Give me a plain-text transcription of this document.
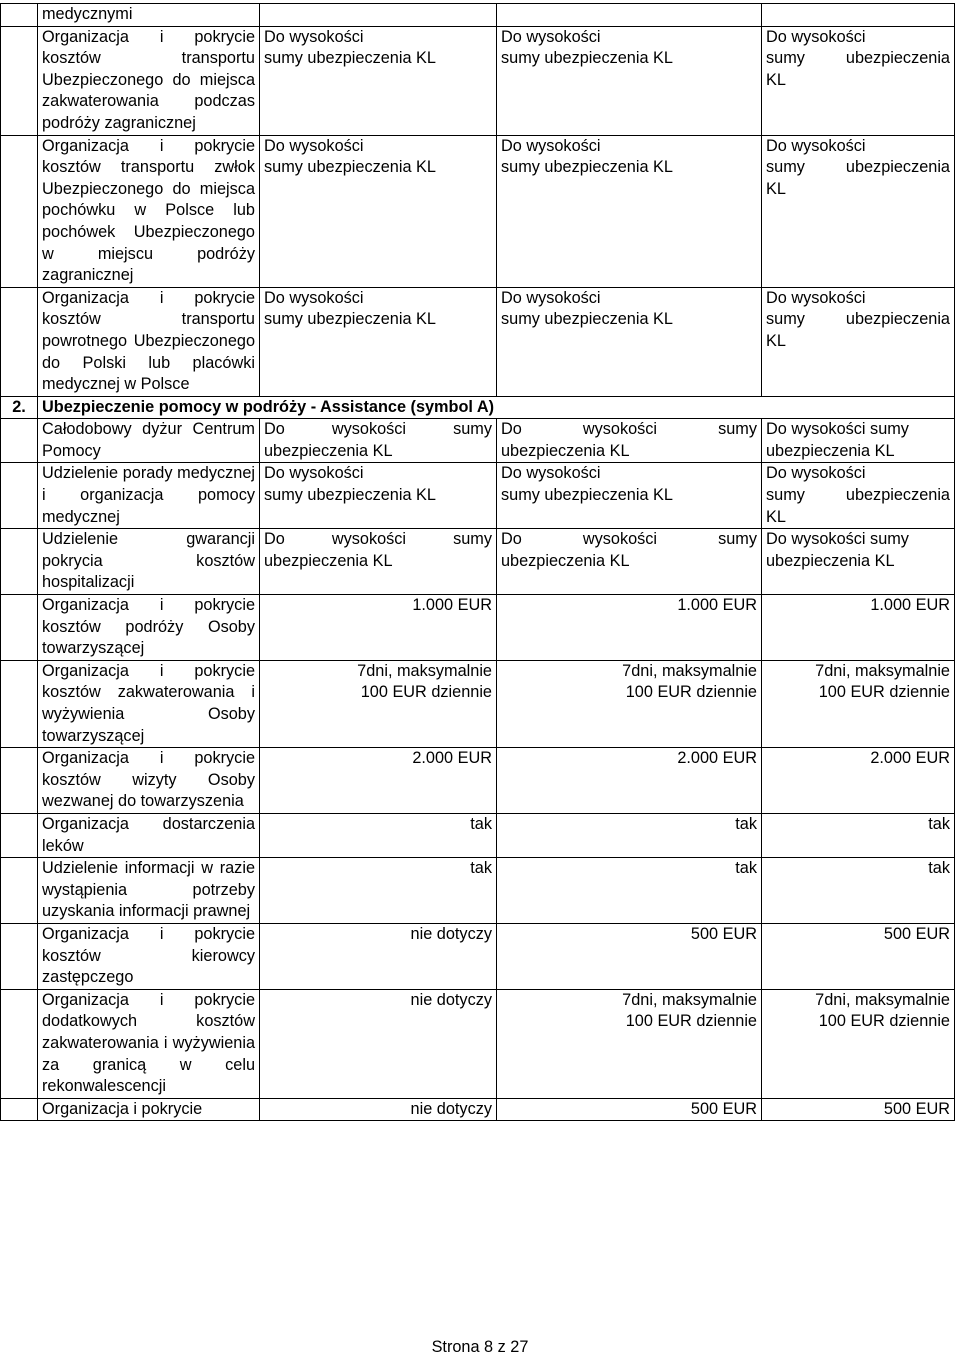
	medycznymi			
	Organizacja i pokrycie kosztów transportu Ubezpieczonego do miejsca zakwaterowania podczas podróży zagranicznej	Do wysokości
sumy ubezpieczenia KL	Do wysokości
sumy ubezpieczenia KL	Do wysokości
sumy ubezpieczenia
KL

	Organizacja i pokrycie kosztów transportu zwłok Ubezpieczonego do miejsca pochówku w Polsce lub pochówek Ubezpieczonego w miejscu podróży zagranicznej	Do wysokości
sumy ubezpieczenia KL	Do wysokości
sumy ubezpieczenia KL	Do wysokości
sumy ubezpieczenia
KL

	Organizacja i pokrycie kosztów transportu powrotnego Ubezpieczonego do Polski lub placówki medycznej w Polsce	Do wysokości
sumy ubezpieczenia KL	Do wysokości
sumy ubezpieczenia KL	Do wysokości
sumy ubezpieczenia
KL

2.	Ubezpieczenie pomocy w podróży - Assistance (symbol A)			
	Całodobowy dyżur Centrum Pomocy	Do wysokości sumy
ubezpieczenia KL	Do wysokości sumy
ubezpieczenia KL	Do wysokości sumy
ubezpieczenia KL

	Udzielenie porady medycznej i organizacja pomocy medycznej	Do wysokości
sumy ubezpieczenia KL	Do wysokości
sumy ubezpieczenia KL	Do wysokości
sumy ubezpieczenia
KL

	Udzielenie gwarancji pokrycia kosztów hospitalizacji	Do wysokości sumy
ubezpieczenia KL	Do wysokości sumy
ubezpieczenia KL	Do wysokości sumy
ubezpieczenia KL

	Organizacja i pokrycie kosztów podróży Osoby towarzyszącej	1.000 EUR	1.000 EUR	1.000 EUR
	Organizacja i pokrycie kosztów zakwaterowania i wyżywienia Osoby towarzyszącej	7dni, maksymalnie
100 EUR dziennie	7dni, maksymalnie
100 EUR dziennie	7dni, maksymalnie
100 EUR dziennie

	Organizacja i pokrycie kosztów wizyty Osoby wezwanej do towarzyszenia	2.000 EUR	2.000 EUR	2.000 EUR

	Organizacja dostarczenia leków	tak	tak	tak
	Udzielenie informacji w razie wystąpienia potrzeby uzyskania informacji prawnej	tak	tak	tak
	Organizacja i pokrycie kosztów kierowcy zastępczego	nie dotyczy	500 EUR	500 EUR
	Organizacja i pokrycie dodatkowych kosztów zakwaterowania i wyżywienia za granicą w celu rekonwalescencji	nie dotyczy	7dni, maksymalnie
100 EUR dziennie	7dni, maksymalnie
100 EUR dziennie

	Organizacja i pokrycie	nie dotyczy	500 EUR	500 EUR
Strona 8 z 27
